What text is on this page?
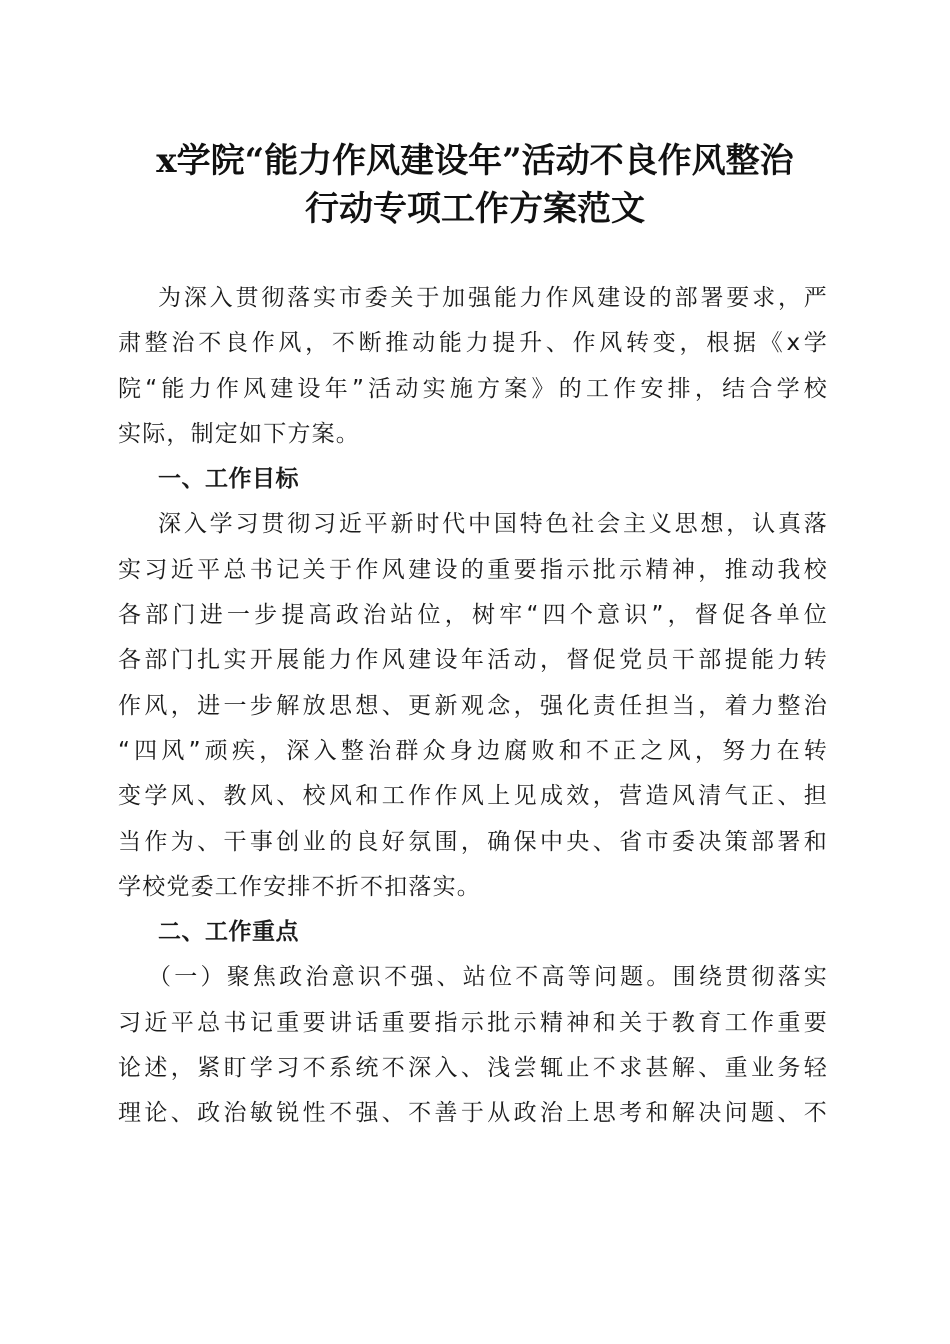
x学院“能力作风建设年”活动不良作风整治
行动专项工作方案范文
为深入贯彻落实市委关于加强能力作风建设的部署要求，严
肃整治不良作风，不断推动能力提升、作风转变，根据《x学
院“能力作风建设年”活动实施方案》的工作安排，结合学校
实际，制定如下方案。
一、工作目标
深入学习贯彻习近平新时代中国特色社会主义思想，认真落
实习近平总书记关于作风建设的重要指示批示精神，推动我校
各部门进一步提高政治站位，树牢“四个意识”，督促各单位
各部门扎实开展能力作风建设年活动，督促党员干部提能力转
作风，进一步解放思想、更新观念，强化责任担当，着力整治
“四风”顽疾，深入整治群众身边腐败和不正之风，努力在转
变学风、教风、校风和工作作风上见成效，营造风清气正、担
当作为、干事创业的良好氛围，确保中央、省市委决策部署和
学校党委工作安排不折不扣落实。
二、工作重点
（一）聚焦政治意识不强、站位不高等问题。围绕贯彻落实
习近平总书记重要讲话重要指示批示精神和关于教育工作重要
论述，紧盯学习不系统不深入、浅尝辄止不求甚解、重业务轻
理论、政治敏锐性不强、不善于从政治上思考和解决问题、不
